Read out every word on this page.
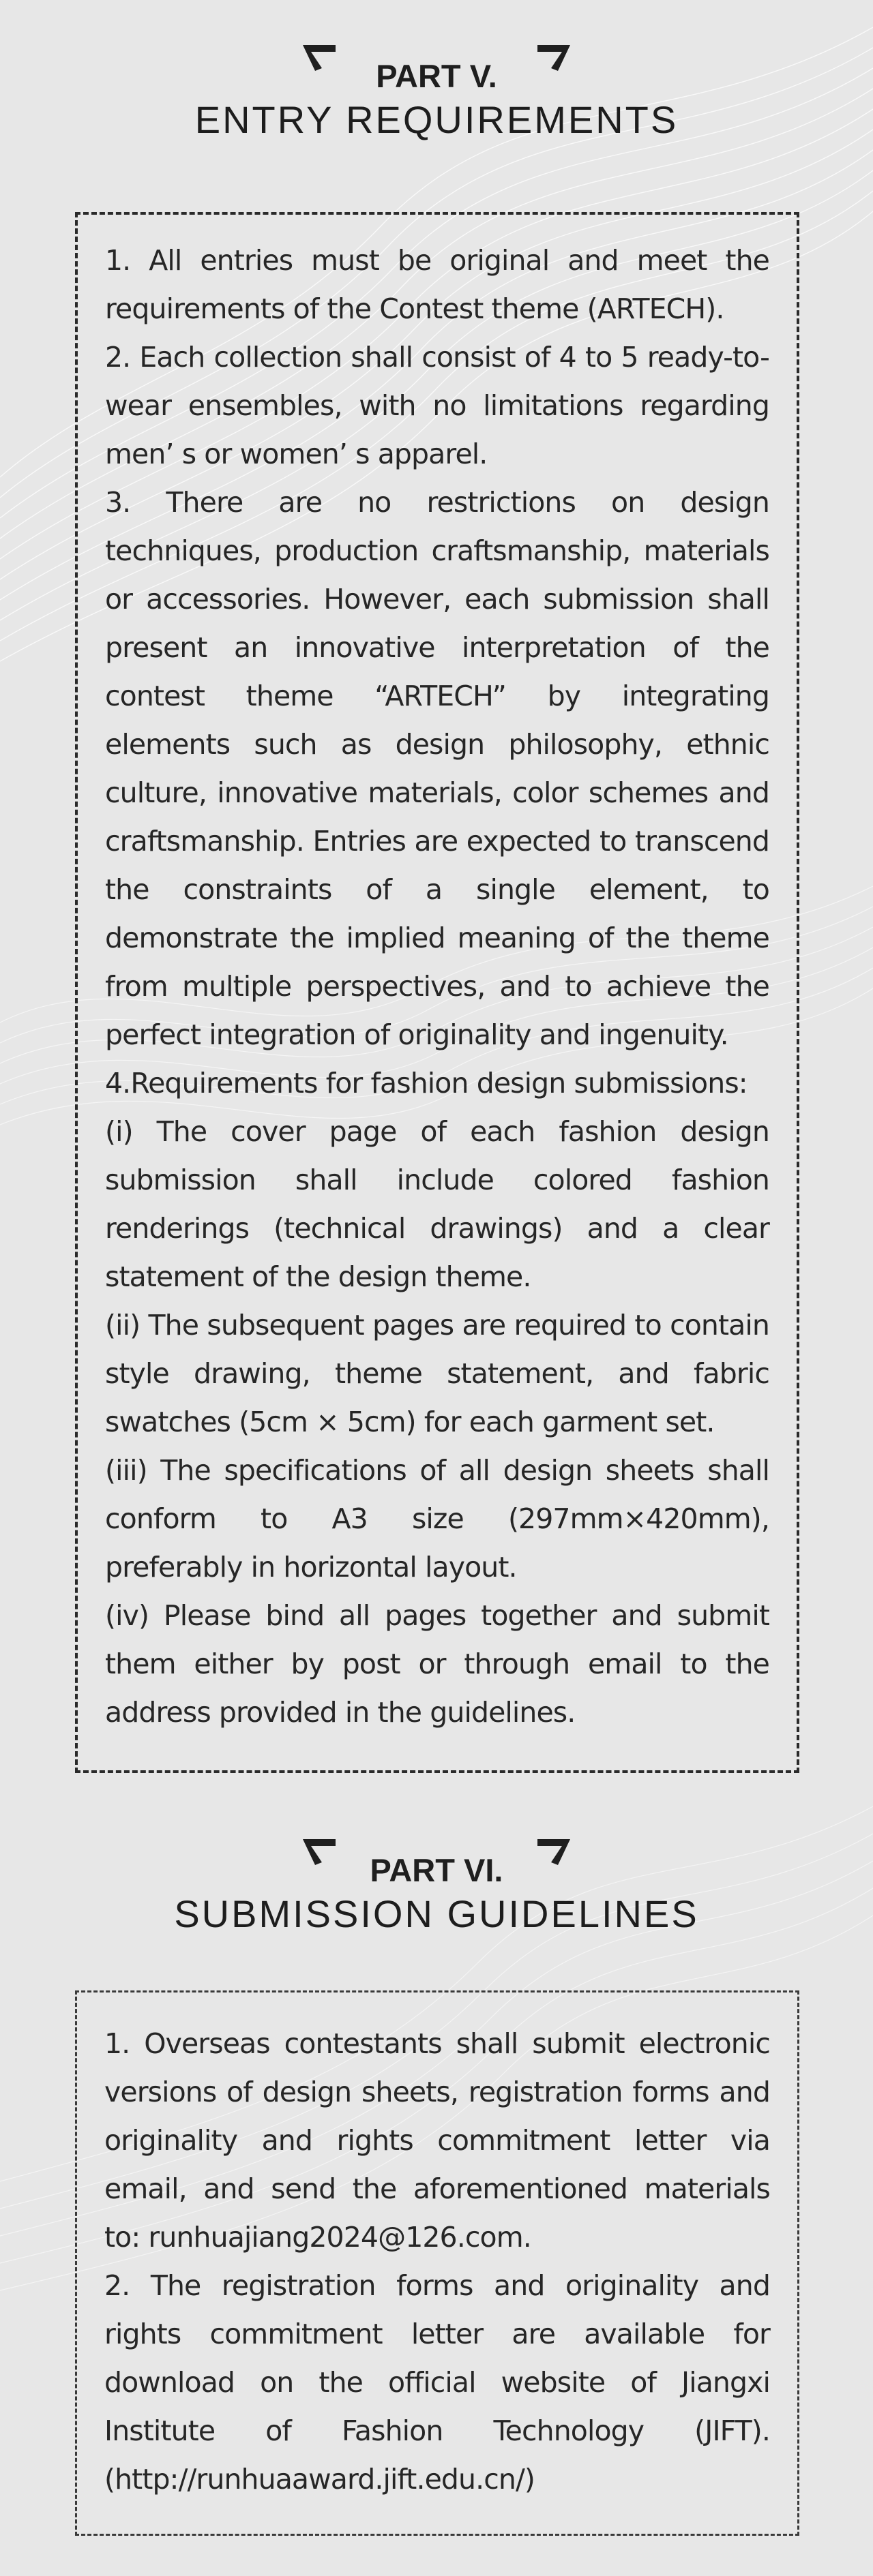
PART V.
ENTRY REQUIREMENTS

1. All entries must be original and meet the requirements of the Contest theme (ARTECH).

2. Each collection shall consist of 4 to 5 ready-to-wear ensembles, with no limitations regarding men’ s or women’ s apparel.

3. There are no restrictions on design techniques, production craftsmanship, materials or accessories. However, each submission shall present an innovative interpretation of the contest theme “ARTECH” by integrating elements such as design philosophy, ethnic culture, innovative materials, color schemes and craftsmanship. Entries are expected to transcend the constraints of a single element, to demonstrate the implied meaning of the theme from multiple perspectives, and to achieve the perfect integration of originality and ingenuity.

4.Requirements for fashion design submissions:

(i) The cover page of each fashion design submission shall include colored fashion renderings (technical drawings) and a clear statement of the design theme.

(ii) The subsequent pages are required to contain style drawing, theme statement, and fabric swatches (5cm × 5cm) for each garment set.

(iii) The specifications of all design sheets shall conform to A3 size (297mm×420mm), preferably in horizontal layout.

(iv) Please bind all pages together and submit them either by post or through email to the address provided in the guidelines.

PART VI.
SUBMISSION GUIDELINES

1. Overseas contestants shall submit electronic versions of design sheets, registration forms and originality and rights commitment letter via email, and send the aforementioned materials to: runhuajiang2024@126.com.

2. The registration forms and originality and rights commitment letter are available for download on the official website of Jiangxi Institute of Fashion Technology (JIFT). (http://runhuaaward.jift.edu.cn/)
